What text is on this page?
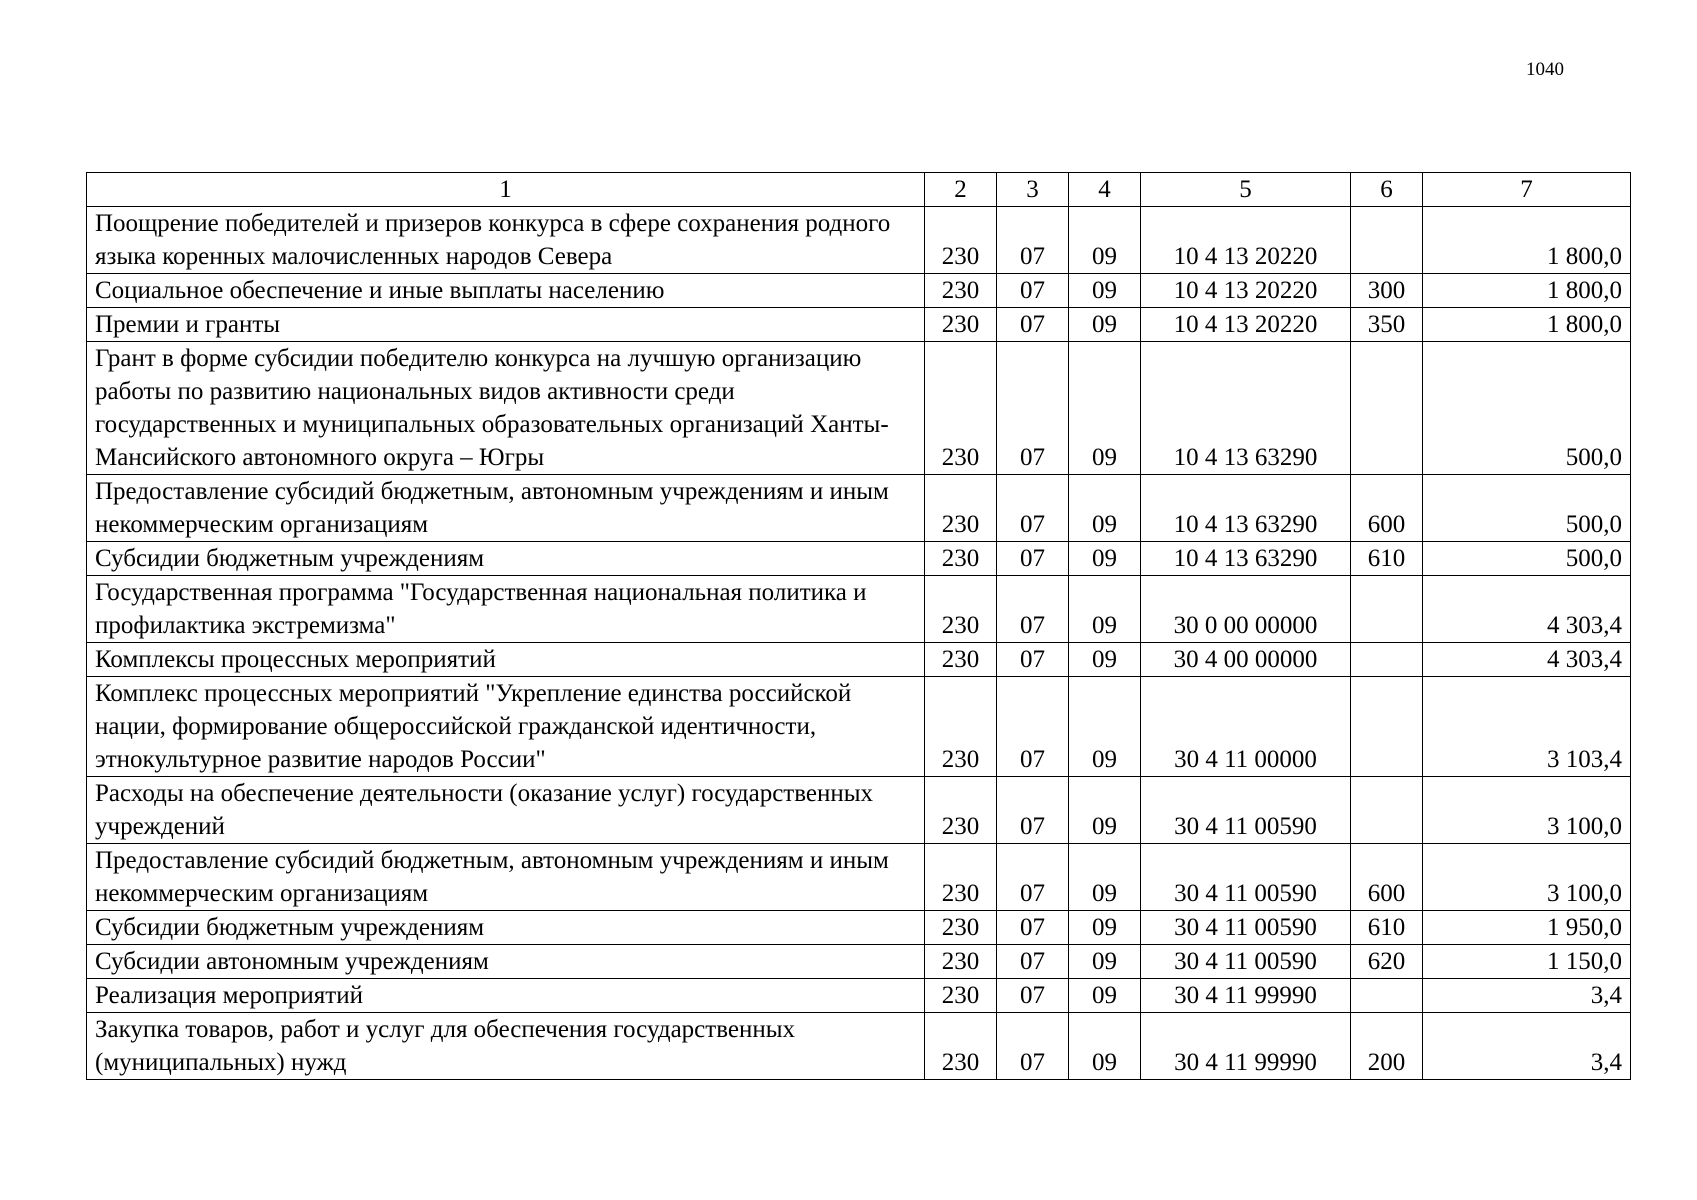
1040
1	2	3	4	5	6	7
Поощрение победителей и призеров конкурса в сфере сохранения родного языка коренных малочисленных народов Севера	230	07	09	10 4 13 20220		1 800,0
Социальное обеспечение и иные выплаты населению	230	07	09	10 4 13 20220	300	1 800,0
Премии и гранты	230	07	09	10 4 13 20220	350	1 800,0
Грант в форме субсидии победителю конкурса на лучшую организацию работы по развитию национальных видов активности среди государственных и муниципальных образовательных организаций Ханты-Мансийского автономного округа – Югры	230	07	09	10 4 13 63290		500,0
Предоставление субсидий бюджетным, автономным учреждениям и иным некоммерческим организациям	230	07	09	10 4 13 63290	600	500,0
Субсидии бюджетным учреждениям	230	07	09	10 4 13 63290	610	500,0
Государственная программа "Государственная национальная политика и профилактика экстремизма"	230	07	09	30 0 00 00000		4 303,4
Комплексы процессных мероприятий	230	07	09	30 4 00 00000		4 303,4
Комплекс процессных мероприятий "Укрепление единства российской нации, формирование общероссийской гражданской идентичности, этнокультурное развитие народов России"	230	07	09	30 4 11 00000		3 103,4
Расходы на обеспечение деятельности (оказание услуг) государственных учреждений	230	07	09	30 4 11 00590		3 100,0
Предоставление субсидий бюджетным, автономным учреждениям и иным некоммерческим организациям	230	07	09	30 4 11 00590	600	3 100,0
Субсидии бюджетным учреждениям	230	07	09	30 4 11 00590	610	1 950,0
Субсидии автономным учреждениям	230	07	09	30 4 11 00590	620	1 150,0
Реализация мероприятий	230	07	09	30 4 11 99990		3,4
Закупка товаров, работ и услуг для обеспечения государственных (муниципальных) нужд	230	07	09	30 4 11 99990	200	3,4
